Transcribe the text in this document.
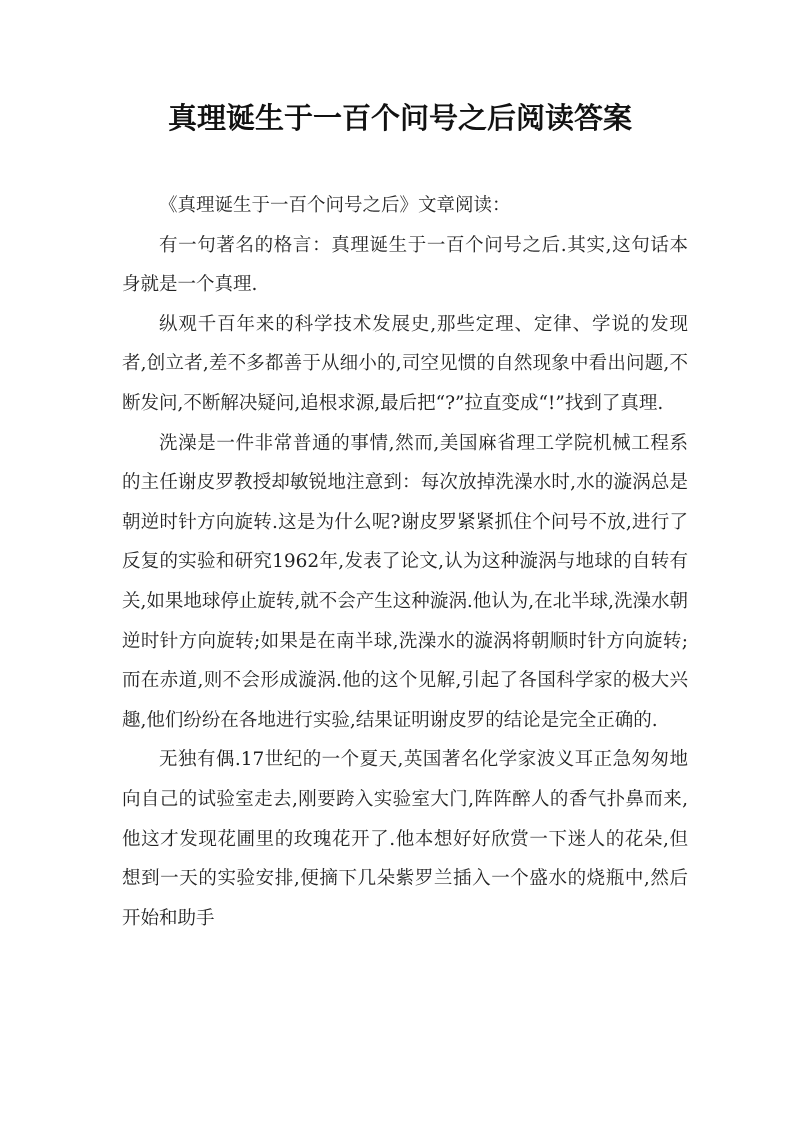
真理诞生于一百个问号之后阅读答案

《真理诞生于一百个问号之后》文章阅读：

有一句著名的格言：真理诞生于一百个问号之后.其实,这句话本身就是一个真理.

纵观千百年来的科学技术发展史,那些定理、定律、学说的发现者,创立者,差不多都善于从细小的,司空见惯的自然现象中看出问题,不断发问,不断解决疑问,追根求源,最后把“?”拉直变成“!”找到了真理.

洗澡是一件非常普通的事情,然而,美国麻省理工学院机械工程系的主任谢皮罗教授却敏锐地注意到：每次放掉洗澡水时,水的漩涡总是朝逆时针方向旋转.这是为什么呢?谢皮罗紧紧抓住个问号不放,进行了反复的实验和研究1962年,发表了论文,认为这种漩涡与地球的自转有关,如果地球停止旋转,就不会产生这种漩涡.他认为,在北半球,洗澡水朝逆时针方向旋转;如果是在南半球,洗澡水的漩涡将朝顺时针方向旋转;而在赤道,则不会形成漩涡.他的这个见解,引起了各国科学家的极大兴趣,他们纷纷在各地进行实验,结果证明谢皮罗的结论是完全正确的.

无独有偶.17世纪的一个夏天,英国著名化学家波义耳正急匆匆地向自己的试验室走去,刚要跨入实验室大门,阵阵醉人的香气扑鼻而来,他这才发现花圃里的玫瑰花开了.他本想好好欣赏一下迷人的花朵,但想到一天的实验安排,便摘下几朵紫罗兰插入一个盛水的烧瓶中,然后开始和助手
